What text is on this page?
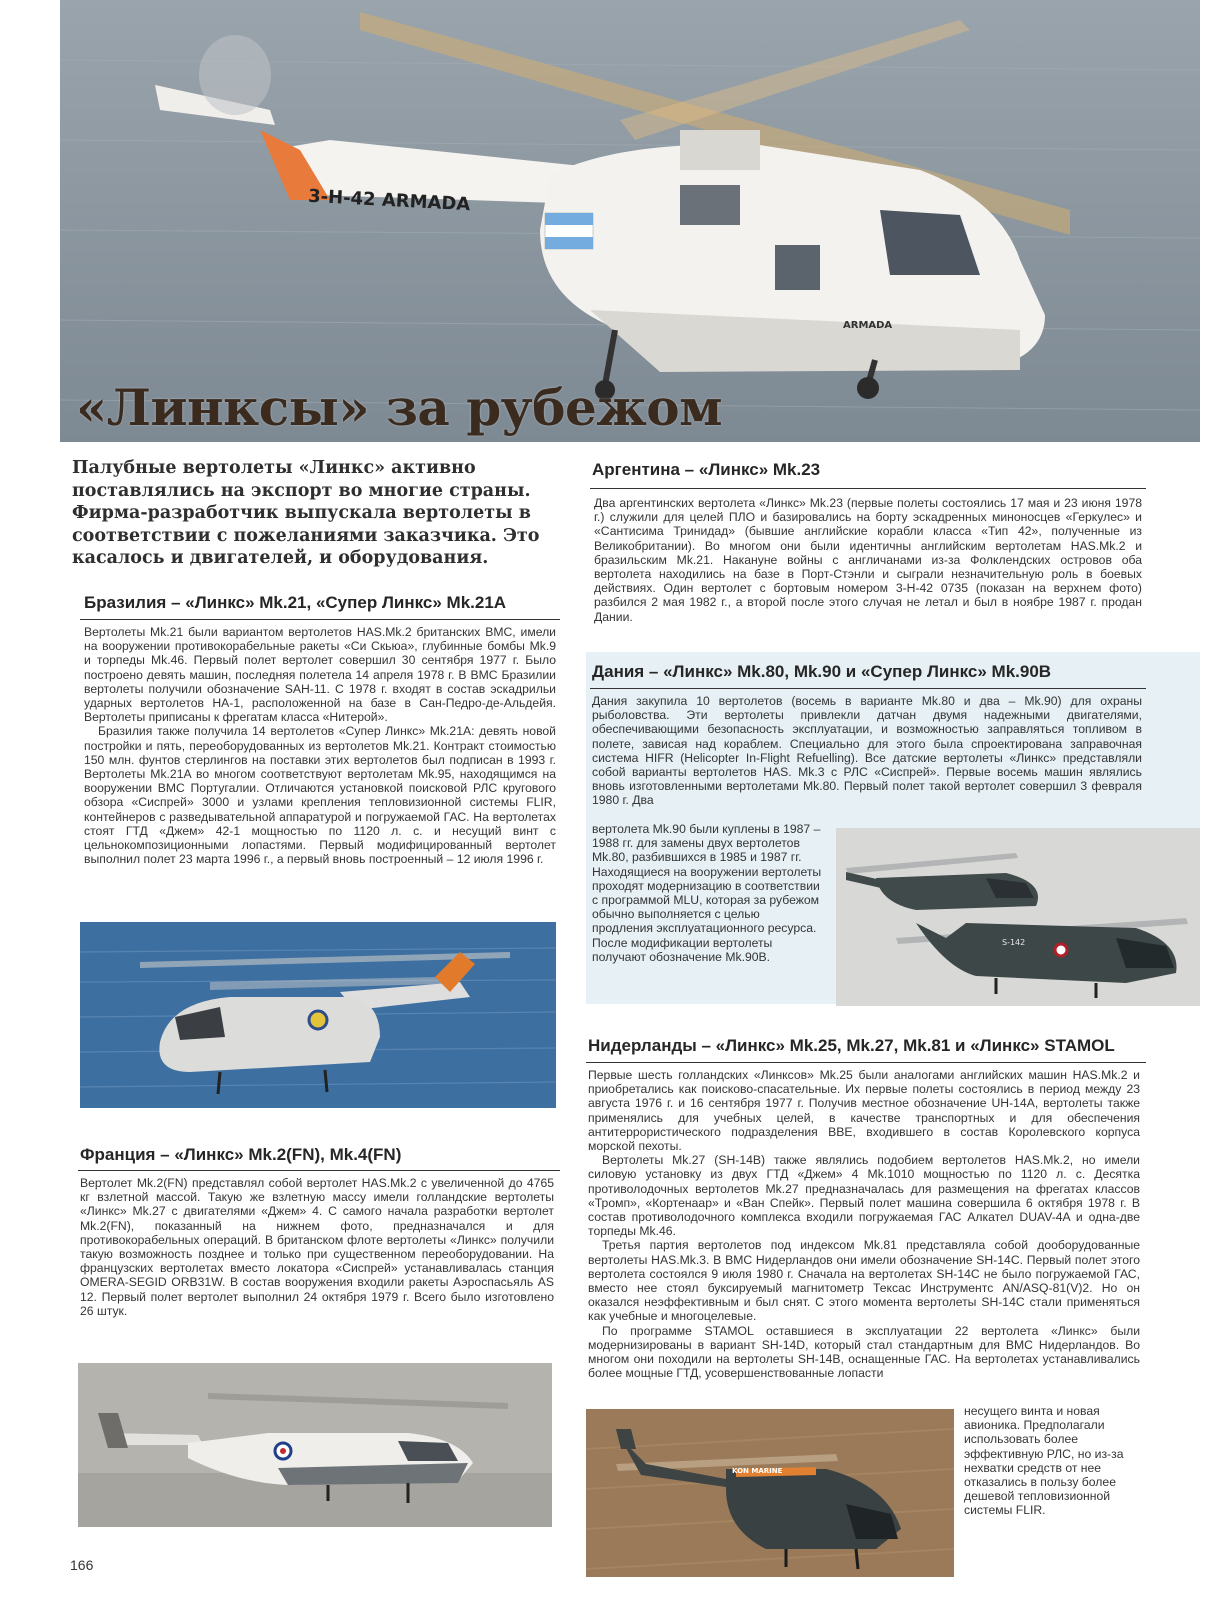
3-H-42 ARMADA
ARMADA
«Линксы» за рубежом

Палубные вертолеты «Линкс» активно поставлялись на экспорт во многие страны. Фирма-разработчик выпускала вертолеты в соответствии с пожеланиями заказчика. Это касалось и двигателей, и оборудования.

Бразилия – «Линкс» Mk.21, «Супер Линкс» Mk.21A

Вертолеты Mk.21 были вариантом вертолетов HAS.Mk.2 британских ВМС, имели на вооружении противокорабельные ракеты «Си Скьюа», глубинные бомбы Mk.9 и торпеды Mk.46. Первый полет вертолет совершил 30 сентября 1977 г. Было построено девять машин, последняя полетела 14 апреля 1978 г. В ВМС Бразилии вертолеты получили обозначение SAH-11. С 1978 г. входят в состав эскадрильи ударных вертолетов HA-1, расположенной на базе в Сан-Педро-де-Альдейя. Вертолеты приписаны к фрегатам класса «Нитерой».

Бразилия также получила 14 вертолетов «Супер Линкс» Mk.21A: девять новой постройки и пять, переоборудованных из вертолетов Mk.21. Контракт стоимостью 150 млн. фунтов стерлингов на поставки этих вертолетов был подписан в 1993 г. Вертолеты Mk.21A во многом соответствуют вертолетам Mk.95, находящимся на вооружении ВМС Португалии. Отличаются установкой поисковой РЛС кругового обзора «Сиспрей» 3000 и узлами крепления тепловизионной системы FLIR, контейнеров с разведывательной аппаратурой и погружаемой ГАС. На вертолетах стоят ГТД «Джем» 42-1 мощностью по 1120 л. с. и несущий винт с цельнокомпозиционными лопастями. Первый модифицированный вертолет выполнил полет 23 марта 1996 г., а первый вновь построенный – 12 июля 1996 г.

Франция – «Линкс» Mk.2(FN), Mk.4(FN)

Вертолет Mk.2(FN) представлял собой вертолет HAS.Mk.2 с увеличенной до 4765 кг взлетной массой. Такую же взлетную массу имели голландские вертолеты «Линкс» Mk.27 с двигателями «Джем» 4. С самого начала разработки вертолет Mk.2(FN), показанный на нижнем фото, предназначался и для противокорабельных операций. В британском флоте вертолеты «Линкс» получили такую возможность позднее и только при существенном переоборудовании. На французских вертолетах вместо локатора «Сиспрей» устанавливалась станция OMERA-SEGID ORB31W. В состав вооружения входили ракеты Аэроспасьяль AS 12. Первый полет вертолет выполнил 24 октября 1979 г. Всего было изготовлено 26 штук.

Аргентина – «Линкс» Mk.23

Два аргентинских вертолета «Линкс» Mk.23 (первые полеты состоялись 17 мая и 23 июня 1978 г.) служили для целей ПЛО и базировались на борту эскадренных миноносцев «Геркулес» и «Сантисима Тринидад» (бывшие английские корабли класса «Тип 42», полученные из Великобритании). Во многом они были идентичны английским вертолетам HAS.Mk.2 и бразильским Mk.21. Накануне войны с англичанами из-за Фолклендских островов оба вертолета находились на базе в Порт-Стэнли и сыграли незначительную роль в боевых действиях. Один вертолет с бортовым номером 3-H-42 0735 (показан на верхнем фото) разбился 2 мая 1982 г., а второй после этого случая не летал и был в ноябре 1987 г. продан Дании.

Дания – «Линкс» Mk.80, Mk.90 и «Супер Линкс» Mk.90B

Дания закупила 10 вертолетов (восемь в варианте Mk.80 и два – Mk.90) для охраны рыболовства. Эти вертолеты привлекли датчан двумя надежными двигателями, обеспечивающими безопасность эксплуатации, и возможностью заправляться топливом в полете, зависая над кораблем. Специально для этого была спроектирована заправочная система HIFR (Helicopter In-Flight Refuelling). Все датские вертолеты «Линкс» представляли собой варианты вертолетов HAS. Mk.3 с РЛС «Сиспрей». Первые восемь машин являлись вновь изготовленными вертолетами Mk.80. Первый полет такой вертолет совершил 3 февраля 1980 г. Два

вертолета Mk.90 были куплены в 1987 – 1988 гг. для замены двух вертолетов Mk.80, разбившихся в 1985 и 1987 гг.

Находящиеся на вооружении вертолеты проходят модернизацию в соответствии с программой MLU, которая за рубежом обычно выполняется с целью продления эксплуатационного ресурса. После модификации вертолеты получают обозначение Mk.90B.

S-142
Нидерланды – «Линкс» Mk.25, Mk.27, Mk.81 и «Линкс» STAMOL

Первые шесть голландских «Линксов» Mk.25 были аналогами английских машин HAS.Mk.2 и приобретались как поисково-спасательные. Их первые полеты состоялись в период между 23 августа 1976 г. и 16 сентября 1977 г. Получив местное обозначение UH-14A, вертолеты также применялись для учебных целей, в качестве транспортных и для обеспечения антитеррористического подразделения ВВЕ, входившего в состав Королевского корпуса морской пехоты.

Вертолеты Mk.27 (SH-14B) также являлись подобием вертолетов HAS.Mk.2, но имели силовую установку из двух ГТД «Джем» 4 Mk.1010 мощностью по 1120 л. с. Десятка противолодочных вертолетов Mk.27 предназначалась для размещения на фрегатах классов «Тромп», «Кортенаар» и «Ван Спейк». Первый полет машина совершила 6 октября 1978 г. В состав противолодочного комплекса входили погружаемая ГАС Алкател DUAV-4A и одна-две торпеды Mk.46.

Третья партия вертолетов под индексом Mk.81 представляла собой дооборудованные вертолеты HAS.Mk.3. В ВМС Нидерландов они имели обозначение SH-14C. Первый полет этого вертолета состоялся 9 июля 1980 г. Сначала на вертолетах SH-14C не было погружаемой ГАС, вместо нее стоял буксируемый магнитометр Тексас Инструментс AN/ASQ-81(V)2. Но он оказался неэффективным и был снят. С этого момента вертолеты SH-14C стали применяться как учебные и многоцелевые.

По программе STAMOL оставшиеся в эксплуатации 22 вертолета «Линкс» были модернизированы в вариант SH-14D, который стал стандартным для ВМС Нидерландов. Во многом они походили на вертолеты SH-14B, оснащенные ГАС. На вертолетах устанавливались более мощные ГТД, усовершенствованные лопасти

несущего винта и новая авионика. Предполагали использовать более эффективную РЛС, но из-за нехватки средств от нее отказались в пользу более дешевой тепловизионной системы FLIR.

KON MARINE
166
